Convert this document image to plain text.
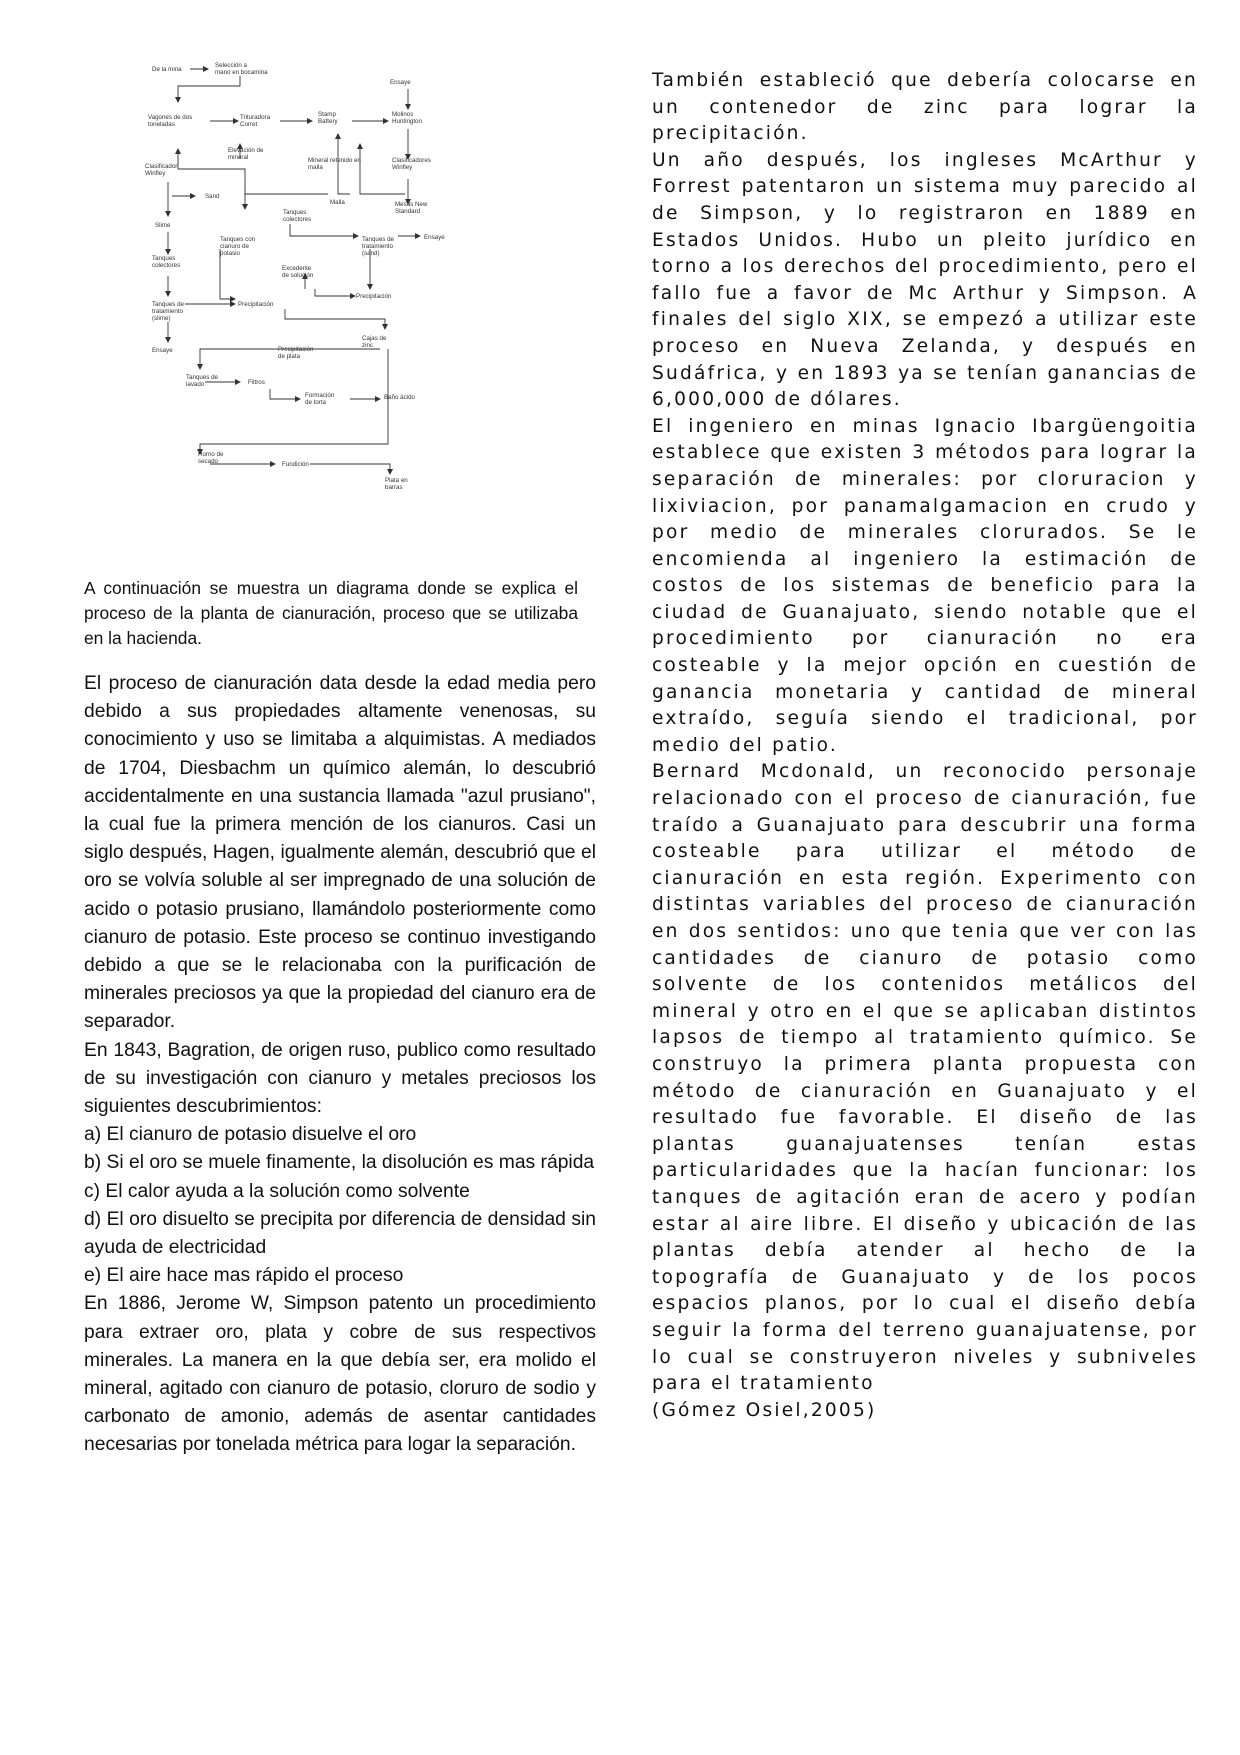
De la mina
Selección a mano en bocamina
Ensaye
Vagones de dos toneladas
Trituradora Corret
Stamp Battery
Molinos Huntington
Elevación de mineral
Clasificador Winfley
Mineral retenido en malla
Clasificadores Winfley
Sand
Malla	Mesas New Standard
Tanques colectores
Slime
Tanques con cianuro de potasio
Tanques de tratamiento (sand)
Ensaye
Tanques colectores	Excedente de solución
Precipitación
Tanques de tratamiento (slime)
Precipitación
Ensaye
Cajas de zinc
Precipitación de plata
Tanques de lavado	Filtros
Formación de torta
Baño ácido
Horno de secado	Fundición
Plata en barras
A continuación se muestra un diagrama donde se explica el proceso de la planta de cianuración, proceso que se utilizaba en la hacienda.

El proceso de cianuración data desde la edad media pero debido a sus propiedades altamente venenosas, su conocimiento y uso se limitaba a alquimistas. A mediados de 1704, Diesbachm un químico alemán, lo descubrió accidentalmente en una sustancia llamada "azul prusiano", la cual fue la primera mención de los cianuros. Casi un siglo después, Hagen, igualmente alemán, descubrió que el oro se volvía soluble al ser impregnado de una solución de acido o potasio prusiano, llamándolo posteriormente como cianuro de potasio. Este proceso se continuo investigando debido a que se le relacionaba con la purificación de minerales preciosos ya que la propiedad del cianuro era de separador.

En 1843, Bagration, de origen ruso, publico como resultado de su investigación con cianuro y metales preciosos los siguientes descubrimientos:

a) El cianuro de potasio disuelve el oro

b) Si el oro se muele finamente, la disolución es mas rápida

c) El calor ayuda a la solución como solvente

d) El oro disuelto se precipita por diferencia de densidad sin ayuda de electricidad

e) El aire hace mas rápido el proceso

En 1886, Jerome W, Simpson patento un procedimiento para extraer oro, plata y cobre de sus respectivos minerales. La manera en la que debía ser, era molido el mineral, agitado con cianuro de potasio, cloruro de sodio y carbonato de amonio, además de asentar cantidades necesarias por tonelada métrica para logar la separación.

También estableció que debería colocarse en un contenedor de zinc para lograr la precipitación.

Un año después, los ingleses McArthur y Forrest patentaron un sistema muy parecido al de Simpson, y lo registraron en 1889 en Estados Unidos. Hubo un pleito jurídico en torno a los derechos del procedimiento, pero el fallo fue a favor de Mc Arthur y Simpson. A finales del siglo XIX, se empezó a utilizar este proceso en Nueva Zelanda, y después en Sudáfrica, y en 1893 ya se tenían ganancias de 6,000,000 de dólares.

El ingeniero en minas Ignacio Ibargüengoitia establece que existen 3 métodos para lograr la separación de minerales: por cloruracion y lixiviacion, por panamalgamacion en crudo y por medio de minerales clorurados. Se le encomienda al ingeniero la estimación de costos de los sistemas de beneficio para la ciudad de Guanajuato, siendo notable que el procedimiento por cianuración no era costeable y la mejor opción en cuestión de ganancia monetaria y cantidad de mineral extraído, seguía siendo el tradicional, por medio del patio.

Bernard Mcdonald, un reconocido personaje relacionado con el proceso de cianuración, fue traído a Guanajuato para descubrir una forma costeable para utilizar el método de cianuración en esta región. Experimento con distintas variables del proceso de cianuración en dos sentidos: uno que tenia que ver con las cantidades de cianuro de potasio como solvente de los contenidos metálicos del mineral y otro en el que se aplicaban distintos lapsos de tiempo al tratamiento químico. Se construyo la primera planta propuesta con método de cianuración en Guanajuato y el resultado fue favorable. El diseño de las plantas guanajuatenses tenían estas particularidades que la hacían funcionar: los tanques de agitación eran de acero y podían estar al aire libre. El diseño y ubicación de las plantas debía atender al hecho de la topografía de Guanajuato y de los pocos espacios planos, por lo cual el diseño debía seguir la forma del terreno guanajuatense, por lo cual se construyeron niveles y subniveles para el tratamiento

(Gómez Osiel,2005)
